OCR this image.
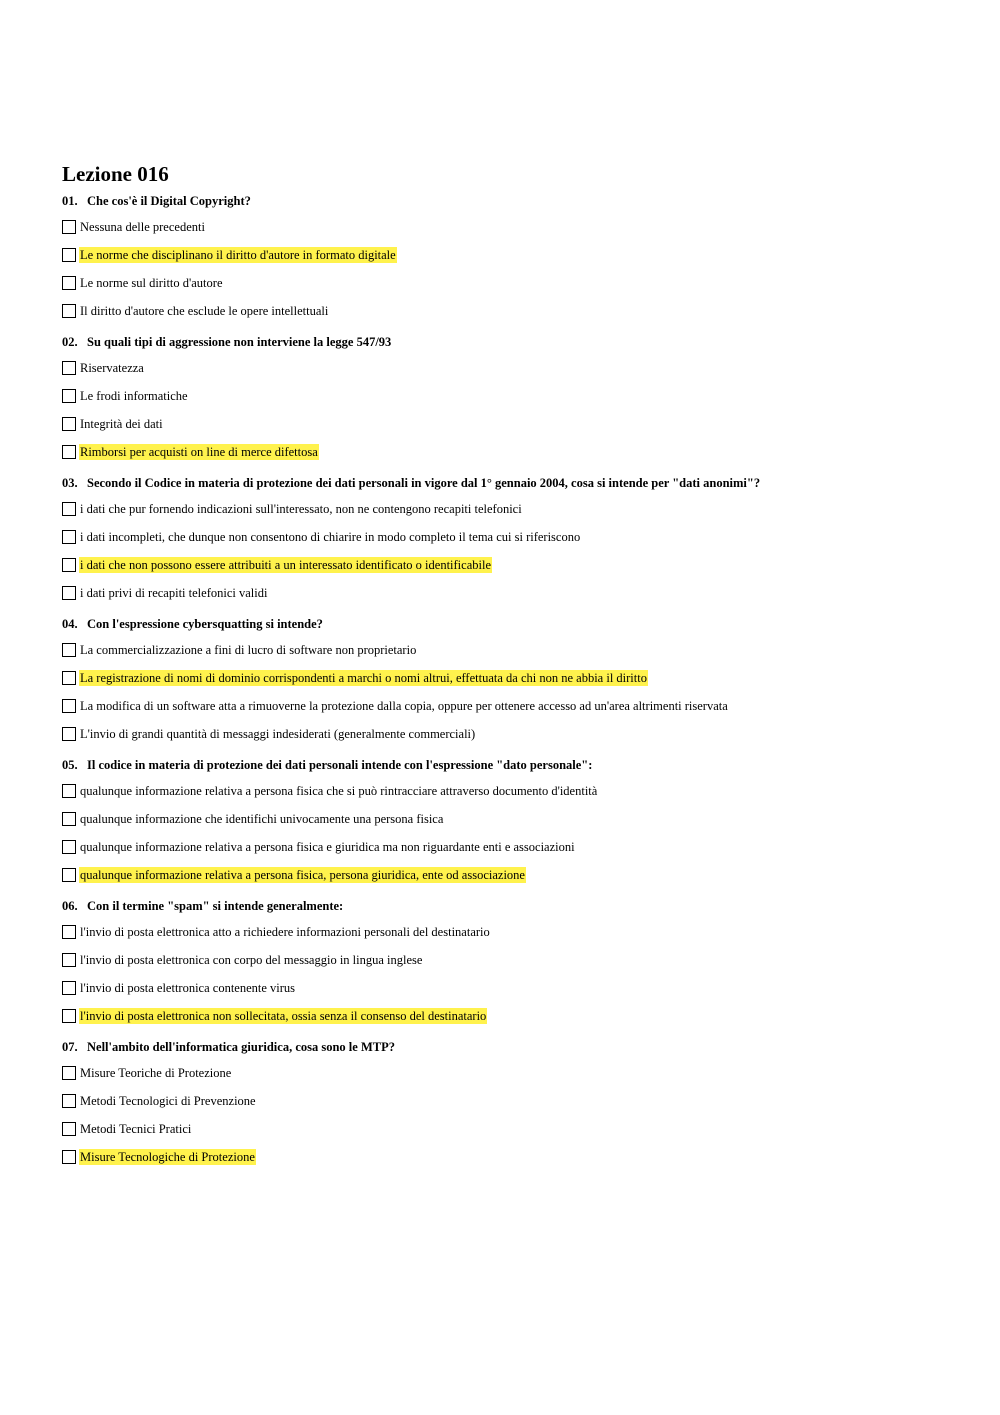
Lezione 016
01. Che cos'è il Digital Copyright?
Nessuna delle precedenti
Le norme che disciplinano il diritto d'autore in formato digitale
Le norme sul diritto d'autore
Il diritto d'autore che esclude le opere intellettuali
02. Su quali tipi di aggressione non interviene la legge 547/93
Riservatezza
Le frodi informatiche
Integrità dei dati
Rimborsi per acquisti on line di merce difettosa
03. Secondo il Codice in materia di protezione dei dati personali in vigore dal 1° gennaio 2004, cosa si intende per "dati anonimi"?
i dati che pur fornendo indicazioni sull'interessato, non ne contengono recapiti telefonici
i dati incompleti, che dunque non consentono di chiarire in modo completo il tema cui si riferiscono
i dati che non possono essere attribuiti a un interessato identificato o identificabile
i dati privi di recapiti telefonici validi
04. Con l'espressione cybersquatting si intende?
La commercializzazione a fini di lucro di software non proprietario
La registrazione di nomi di dominio corrispondenti a marchi o nomi altrui, effettuata da chi non ne abbia il diritto
La modifica di un software atta a rimuoverne la protezione dalla copia, oppure per ottenere accesso ad un'area altrimenti riservata
L'invio di grandi quantità di messaggi indesiderati (generalmente commerciali)
05. Il codice in materia di protezione dei dati personali intende con l'espressione "dato personale":
qualunque informazione relativa a persona fisica che si può rintracciare attraverso documento d'identità
qualunque informazione che identifichi univocamente una persona fisica
qualunque informazione relativa a persona fisica e giuridica ma non riguardante enti e associazioni
qualunque informazione relativa a persona fisica, persona giuridica, ente od associazione
06. Con il termine "spam" si intende generalmente:
l'invio di posta elettronica atto a richiedere informazioni personali del destinatario
l'invio di posta elettronica con corpo del messaggio in lingua inglese
l'invio di posta elettronica contenente virus
l'invio di posta elettronica non sollecitata, ossia senza il consenso del destinatario
07. Nell'ambito dell'informatica giuridica, cosa sono le MTP?
Misure Teoriche di Protezione
Metodi Tecnologici di Prevenzione
Metodi Tecnici Pratici
Misure Tecnologiche di Protezione
